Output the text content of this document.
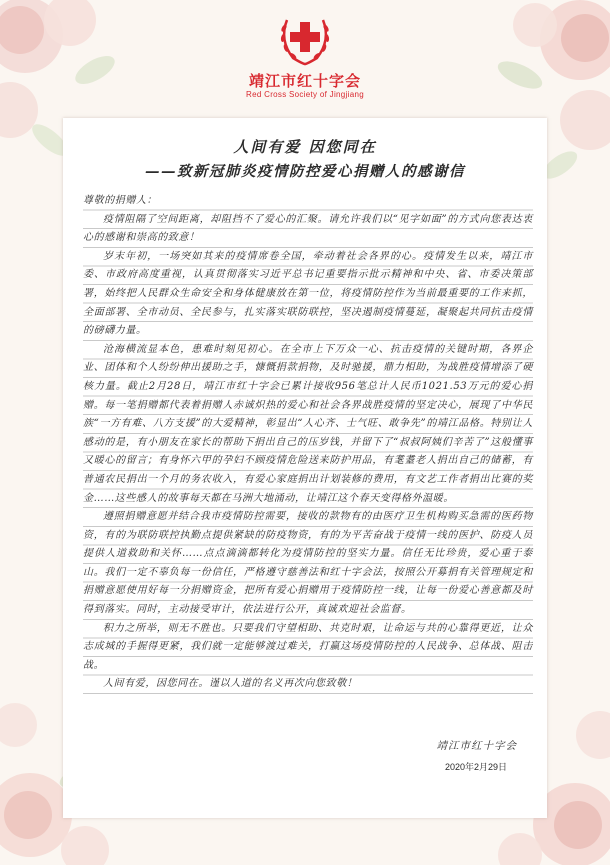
靖江市红十字会
Red Cross Society of Jingjiang
人间有爱 因您同在
——致新冠肺炎疫情防控爱心捐赠人的感谢信

尊敬的捐赠人：

疫情阻隔了空间距离，却阻挡不了爱心的汇聚。请允许我们以“见字如面”的方式向您表达衷心的感谢和崇高的致意！

岁末年初，一场突如其来的疫情席卷全国，牵动着社会各界的心。疫情发生以来，靖江市委、市政府高度重视，认真贯彻落实习近平总书记重要指示批示精神和中央、省、市委决策部署，始终把人民群众生命安全和身体健康放在第一位，将疫情防控作为当前最重要的工作来抓，全面部署、全市动员、全民参与，扎实落实联防联控，坚决遏制疫情蔓延，凝聚起共同抗击疫情的磅礴力量。

沧海横流显本色，患难时刻见初心。在全市上下万众一心、抗击疫情的关键时期，各界企业、团体和个人纷纷伸出援助之手，慷慨捐款捐物，及时驰援，鼎力相助，为战胜疫情增添了硬核力量。截止2月28日，靖江市红十字会已累计接收956笔总计人民币1021.53万元的爱心捐赠。每一笔捐赠都代表着捐赠人赤诚炽热的爱心和社会各界战胜疫情的坚定决心，展现了中华民族“一方有难、八方支援”的大爱精神，彰显出“人心齐、士气旺、敢争先”的靖江品格。特别让人感动的是，有小朋友在家长的帮助下捐出自己的压岁钱，并留下了“叔叔阿姨们辛苦了”这般懂事又暖心的留言；有身怀六甲的孕妇不顾疫情危险送来防护用品，有耄耋老人捐出自己的储蓄，有普通农民捐出一个月的务农收入，有爱心家庭捐出计划装修的费用，有文艺工作者捐出比赛的奖金……这些感人的故事每天都在马洲大地涌动，让靖江这个春天变得格外温暖。

遵照捐赠意愿并结合我市疫情防控需要，接收的款物有的由医疗卫生机构购买急需的医药物资，有的为联防联控执勤点提供紧缺的防疫物资，有的为平苦奋战于疫情一线的医护、防疫人员提供人道救助和关怀……点点滴滴都转化为疫情防控的坚实力量。信任无比珍贵，爱心重于泰山。我们一定不辜负每一份信任，严格遵守慈善法和红十字会法，按照公开募捐有关管理规定和捐赠意愿使用好每一分捐赠资金，把所有爱心捐赠用于疫情防控一线，让每一份爱心善意都及时得到落实。同时，主动接受审计，依法进行公开，真诚欢迎社会监督。

积力之所举，则无不胜也。只要我们守望相助、共克时艰，让命运与共的心靠得更近，让众志成城的手握得更紧，我们就一定能够渡过难关，打赢这场疫情防控的人民战争、总体战、阻击战。

人间有爱，因您同在。谨以人道的名义再次向您致敬！

靖江市红十字会
2020年2月29日
